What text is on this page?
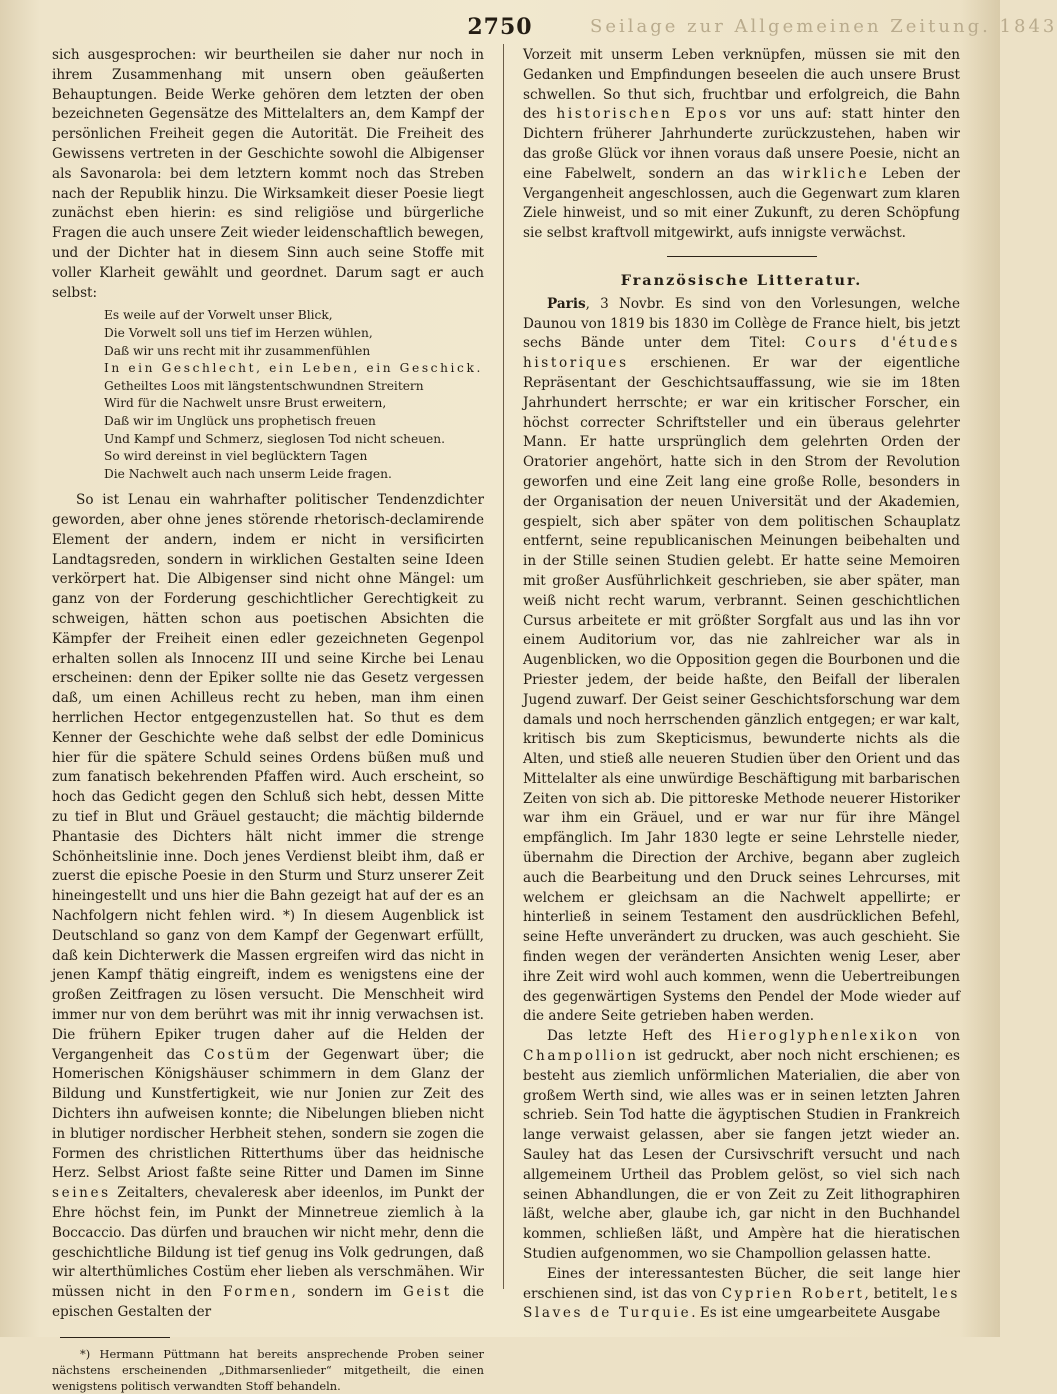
Seilage zur Allgemeinen Zeitung. 1843
2750

sich ausgesprochen: wir beurtheilen sie daher nur noch in ihrem Zusammenhang mit unsern oben geäußerten Behauptungen. Beide Werke gehören dem letzten der oben bezeichneten Gegensätze des Mittelalters an, dem Kampf der persönlichen Freiheit gegen die Autorität. Die Freiheit des Gewissens vertreten in der Geschichte sowohl die Albigenser als Savonarola: bei dem letztern kommt noch das Streben nach der Republik hinzu. Die Wirksamkeit dieser Poesie liegt zunächst eben hierin: es sind religiöse und bürgerliche Fragen die auch unsere Zeit wieder leidenschaftlich bewegen, und der Dichter hat in diesem Sinn auch seine Stoffe mit voller Klarheit gewählt und geordnet. Darum sagt er auch selbst:

Es weile auf der Vorwelt unser Blick,
Die Vorwelt soll uns tief im Herzen wühlen,
Daß wir uns recht mit ihr zusammenfühlen
In ein Geschlecht, ein Leben, ein Geschick.
Getheiltes Loos mit längstentschwundnen Streitern
Wird für die Nachwelt unsre Brust erweitern,
Daß wir im Unglück uns prophetisch freuen
Und Kampf und Schmerz, sieglosen Tod nicht scheuen.
So wird dereinst in viel beglücktern Tagen
Die Nachwelt auch nach unserm Leide fragen.

So ist Lenau ein wahrhafter politischer Tendenzdichter geworden, aber ohne jenes störende rhetorisch-declamirende Element der andern, indem er nicht in versificirten Landtagsreden, sondern in wirklichen Gestalten seine Ideen verkörpert hat. Die Albigenser sind nicht ohne Mängel: um ganz von der Forderung geschichtlicher Gerechtigkeit zu schweigen, hätten schon aus poetischen Absichten die Kämpfer der Freiheit einen edler gezeichneten Gegenpol erhalten sollen als Innocenz III und seine Kirche bei Lenau erscheinen: denn der Epiker sollte nie das Gesetz vergessen daß, um einen Achilleus recht zu heben, man ihm einen herrlichen Hector entgegenzustellen hat. So thut es dem Kenner der Geschichte wehe daß selbst der edle Dominicus hier für die spätere Schuld seines Ordens büßen muß und zum fanatisch bekehrenden Pfaffen wird. Auch erscheint, so hoch das Gedicht gegen den Schluß sich hebt, dessen Mitte zu tief in Blut und Gräuel gestaucht; die mächtig bildernde Phantasie des Dichters hält nicht immer die strenge Schönheitslinie inne. Doch jenes Verdienst bleibt ihm, daß er zuerst die epische Poesie in den Sturm und Sturz unserer Zeit hineingestellt und uns hier die Bahn gezeigt hat auf der es an Nachfolgern nicht fehlen wird. *) In diesem Augenblick ist Deutschland so ganz von dem Kampf der Gegenwart erfüllt, daß kein Dichterwerk die Massen ergreifen wird das nicht in jenen Kampf thätig eingreift, indem es wenigstens eine der großen Zeitfragen zu lösen versucht. Die Menschheit wird immer nur von dem berührt was mit ihr innig verwachsen ist. Die frühern Epiker trugen daher auf die Helden der Vergangenheit das Costüm der Gegenwart über; die Homerischen Königshäuser schimmern in dem Glanz der Bildung und Kunstfertigkeit, wie nur Jonien zur Zeit des Dichters ihn aufweisen konnte; die Nibelungen blieben nicht in blutiger nordischer Herbheit stehen, sondern sie zogen die Formen des christlichen Ritterthums über das heidnische Herz. Selbst Ariost faßte seine Ritter und Damen im Sinne seines Zeitalters, chevaleresk aber ideenlos, im Punkt der Ehre höchst fein, im Punkt der Minnetreue ziemlich à la Boccaccio. Das dürfen und brauchen wir nicht mehr, denn die geschichtliche Bildung ist tief genug ins Volk gedrungen, daß wir alterthümliches Costüm eher lieben als verschmähen. Wir müssen nicht in den Formen, sondern im Geist die epischen Gestalten der

*) Hermann Püttmann hat bereits ansprechende Proben seiner nächstens erscheinenden „Dithmarsenlieder“ mitgetheilt, die einen wenigstens politisch verwandten Stoff behandeln.

Vorzeit mit unserm Leben verknüpfen, müssen sie mit den Gedanken und Empfindungen beseelen die auch unsere Brust schwellen. So thut sich, fruchtbar und erfolgreich, die Bahn des historischen Epos vor uns auf: statt hinter den Dichtern früherer Jahrhunderte zurückzustehen, haben wir das große Glück vor ihnen voraus daß unsere Poesie, nicht an eine Fabelwelt, sondern an das wirkliche Leben der Vergangenheit angeschlossen, auch die Gegenwart zum klaren Ziele hinweist, und so mit einer Zukunft, zu deren Schöpfung sie selbst kraftvoll mitgewirkt, aufs innigste verwächst.

Französische Litteratur.

Paris, 3 Novbr. Es sind von den Vorlesungen, welche Daunou von 1819 bis 1830 im Collège de France hielt, bis jetzt sechs Bände unter dem Titel: Cours d'études historiques erschienen. Er war der eigentliche Repräsentant der Geschichtsauffassung, wie sie im 18ten Jahrhundert herrschte; er war ein kritischer Forscher, ein höchst correcter Schriftsteller und ein überaus gelehrter Mann. Er hatte ursprünglich dem gelehrten Orden der Oratorier angehört, hatte sich in den Strom der Revolution geworfen und eine Zeit lang eine große Rolle, besonders in der Organisation der neuen Universität und der Akademien, gespielt, sich aber später von dem politischen Schauplatz entfernt, seine republicanischen Meinungen beibehalten und in der Stille seinen Studien gelebt. Er hatte seine Memoiren mit großer Ausführlichkeit geschrieben, sie aber später, man weiß nicht recht warum, verbrannt. Seinen geschichtlichen Cursus arbeitete er mit größter Sorgfalt aus und las ihn vor einem Auditorium vor, das nie zahlreicher war als in Augenblicken, wo die Opposition gegen die Bourbonen und die Priester jedem, der beide haßte, den Beifall der liberalen Jugend zuwarf. Der Geist seiner Geschichtsforschung war dem damals und noch herrschenden gänzlich entgegen; er war kalt, kritisch bis zum Skepticismus, bewunderte nichts als die Alten, und stieß alle neueren Studien über den Orient und das Mittelalter als eine unwürdige Beschäftigung mit barbarischen Zeiten von sich ab. Die pittoreske Methode neuerer Historiker war ihm ein Gräuel, und er war nur für ihre Mängel empfänglich. Im Jahr 1830 legte er seine Lehrstelle nieder, übernahm die Direction der Archive, begann aber zugleich auch die Bearbeitung und den Druck seines Lehrcurses, mit welchem er gleichsam an die Nachwelt appellirte; er hinterließ in seinem Testament den ausdrücklichen Befehl, seine Hefte unverändert zu drucken, was auch geschieht. Sie finden wegen der veränderten Ansichten wenig Leser, aber ihre Zeit wird wohl auch kommen, wenn die Uebertreibungen des gegenwärtigen Systems den Pendel der Mode wieder auf die andere Seite getrieben haben werden.

Das letzte Heft des Hieroglyphenlexikon von Champollion ist gedruckt, aber noch nicht erschienen; es besteht aus ziemlich unförmlichen Materialien, die aber von großem Werth sind, wie alles was er in seinen letzten Jahren schrieb. Sein Tod hatte die ägyptischen Studien in Frankreich lange verwaist gelassen, aber sie fangen jetzt wieder an. Sauley hat das Lesen der Cursivschrift versucht und nach allgemeinem Urtheil das Problem gelöst, so viel sich nach seinen Abhandlungen, die er von Zeit zu Zeit lithographiren läßt, welche aber, glaube ich, gar nicht in den Buchhandel kommen, schließen läßt, und Ampère hat die hieratischen Studien aufgenommen, wo sie Champollion gelassen hatte.

Eines der interessantesten Bücher, die seit lange hier erschienen sind, ist das von Cyprien Robert, betitelt, les Slaves de Turquie. Es ist eine umgearbeitete Ausgabe
